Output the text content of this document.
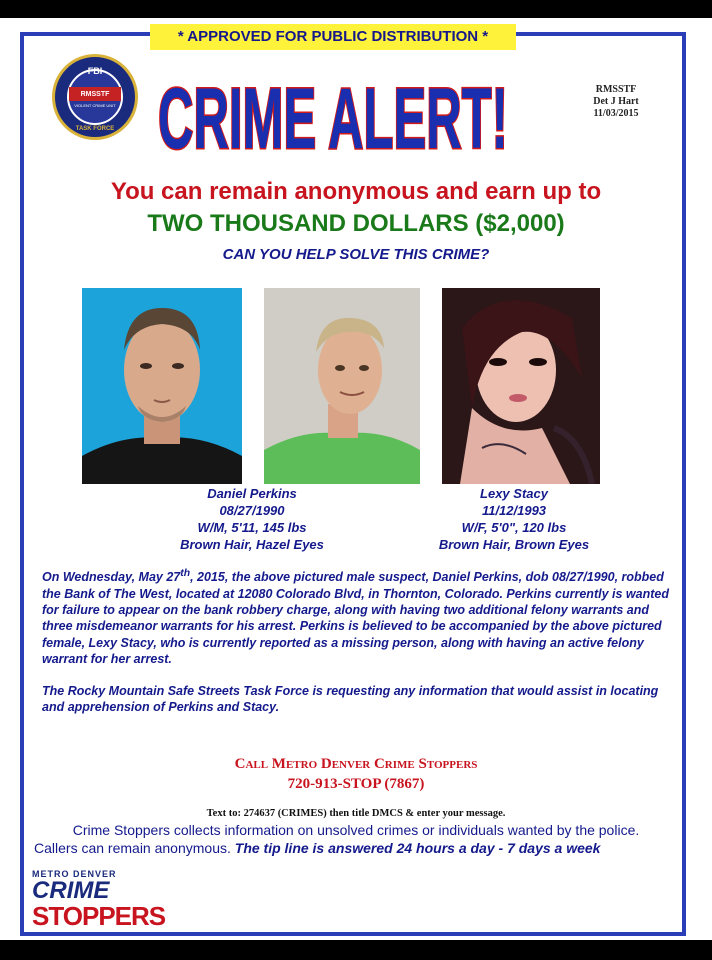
* APPROVED FOR PUBLIC DISTRIBUTION *
FBI
RMSSTF
VIOLENT CRIME UNIT
TASK FORCE CRIME ALERT!	RMSSTF
Det J Hart
11/03/2015
You can remain anonymous and earn up to
TWO THOUSAND DOLLARS ($2,000)
CAN YOU HELP SOLVE THIS CRIME?
Daniel Perkins
08/27/1990
W/M, 5'11, 145 lbs
Brown Hair, Hazel Eyes
Lexy Stacy
11/12/1993
W/F, 5'0", 120 lbs
Brown Hair, Brown Eyes

On Wednesday, May 27th, 2015, the above pictured male suspect, Daniel Perkins, dob 08/27/1990, robbed the Bank of The West, located at 12080 Colorado Blvd, in Thornton, Colorado. Perkins currently is wanted for failure to appear on the bank robbery charge, along with having two additional felony warrants and three misdemeanor warrants for his arrest. Perkins is believed to be accompanied by the above pictured female, Lexy Stacy, who is currently reported as a missing person, along with having an active felony warrant for her arrest.

The Rocky Mountain Safe Streets Task Force is requesting any information that would assist in locating and apprehension of Perkins and Stacy.

Call Metro Denver Crime Stoppers
720-913-STOP (7867)
Text to: 274637 (CRIMES) then title DMCS & enter your message.
Crime Stoppers collects information on unsolved crimes or individuals wanted by the police.
Callers can remain anonymous. The tip line is answered 24 hours a day - 7 days a week
METRO DENVER
CRIME
STOPPERS
